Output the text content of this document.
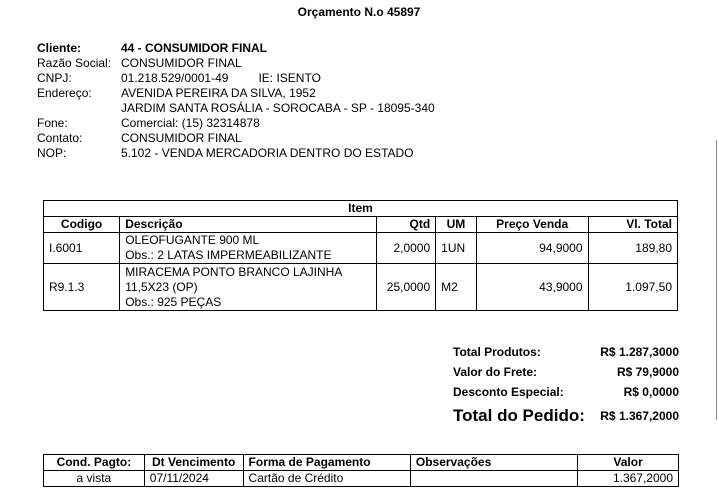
Orçamento N.o 45897
Cliente:	44 - CONSUMIDOR FINAL
Razão Social: CONSUMIDOR FINAL
CNPJ:	01.218.529/0001-49	IE: ISENTO
Endereço: AVENIDA PEREIRA DA SILVA, 1952
JARDIM SANTA ROSÁLIA - SOROCABA - SP - 18095-340
Fone:	Comercial: (15) 32314878
Contato:	CONSUMIDOR FINAL
NOP:	5.102 - VENDA MERCADORIA DENTRO DO ESTADO
Item					
Codigo	Descrição	Qtd	UM	Preço Venda	Vl. Total
I.6001	OLEOFUGANTE 900 ML
Obs.: 2 LATAS IMPERMEABILIZANTE	2,0000	1UN	94,9000	189,80
R9.1.3	MIRACEMA PONTO BRANCO LAJINHA
11,5X23 (OP)
Obs.: 925 PEÇAS	25,0000	M2	43,9000	1.097,50
Total Produtos:	R$ 1.287,3000
Valor do Frete:	R$ 79,9000
Desconto Especial:	R$ 0,0000
Total do Pedido: R$ 1.367,2000
Cond. Pagto:	Dt Vencimento	Forma de Pagamento	Observações	Valor
a vista	07/11/2024	Cartão de Crédito		1.367,2000
